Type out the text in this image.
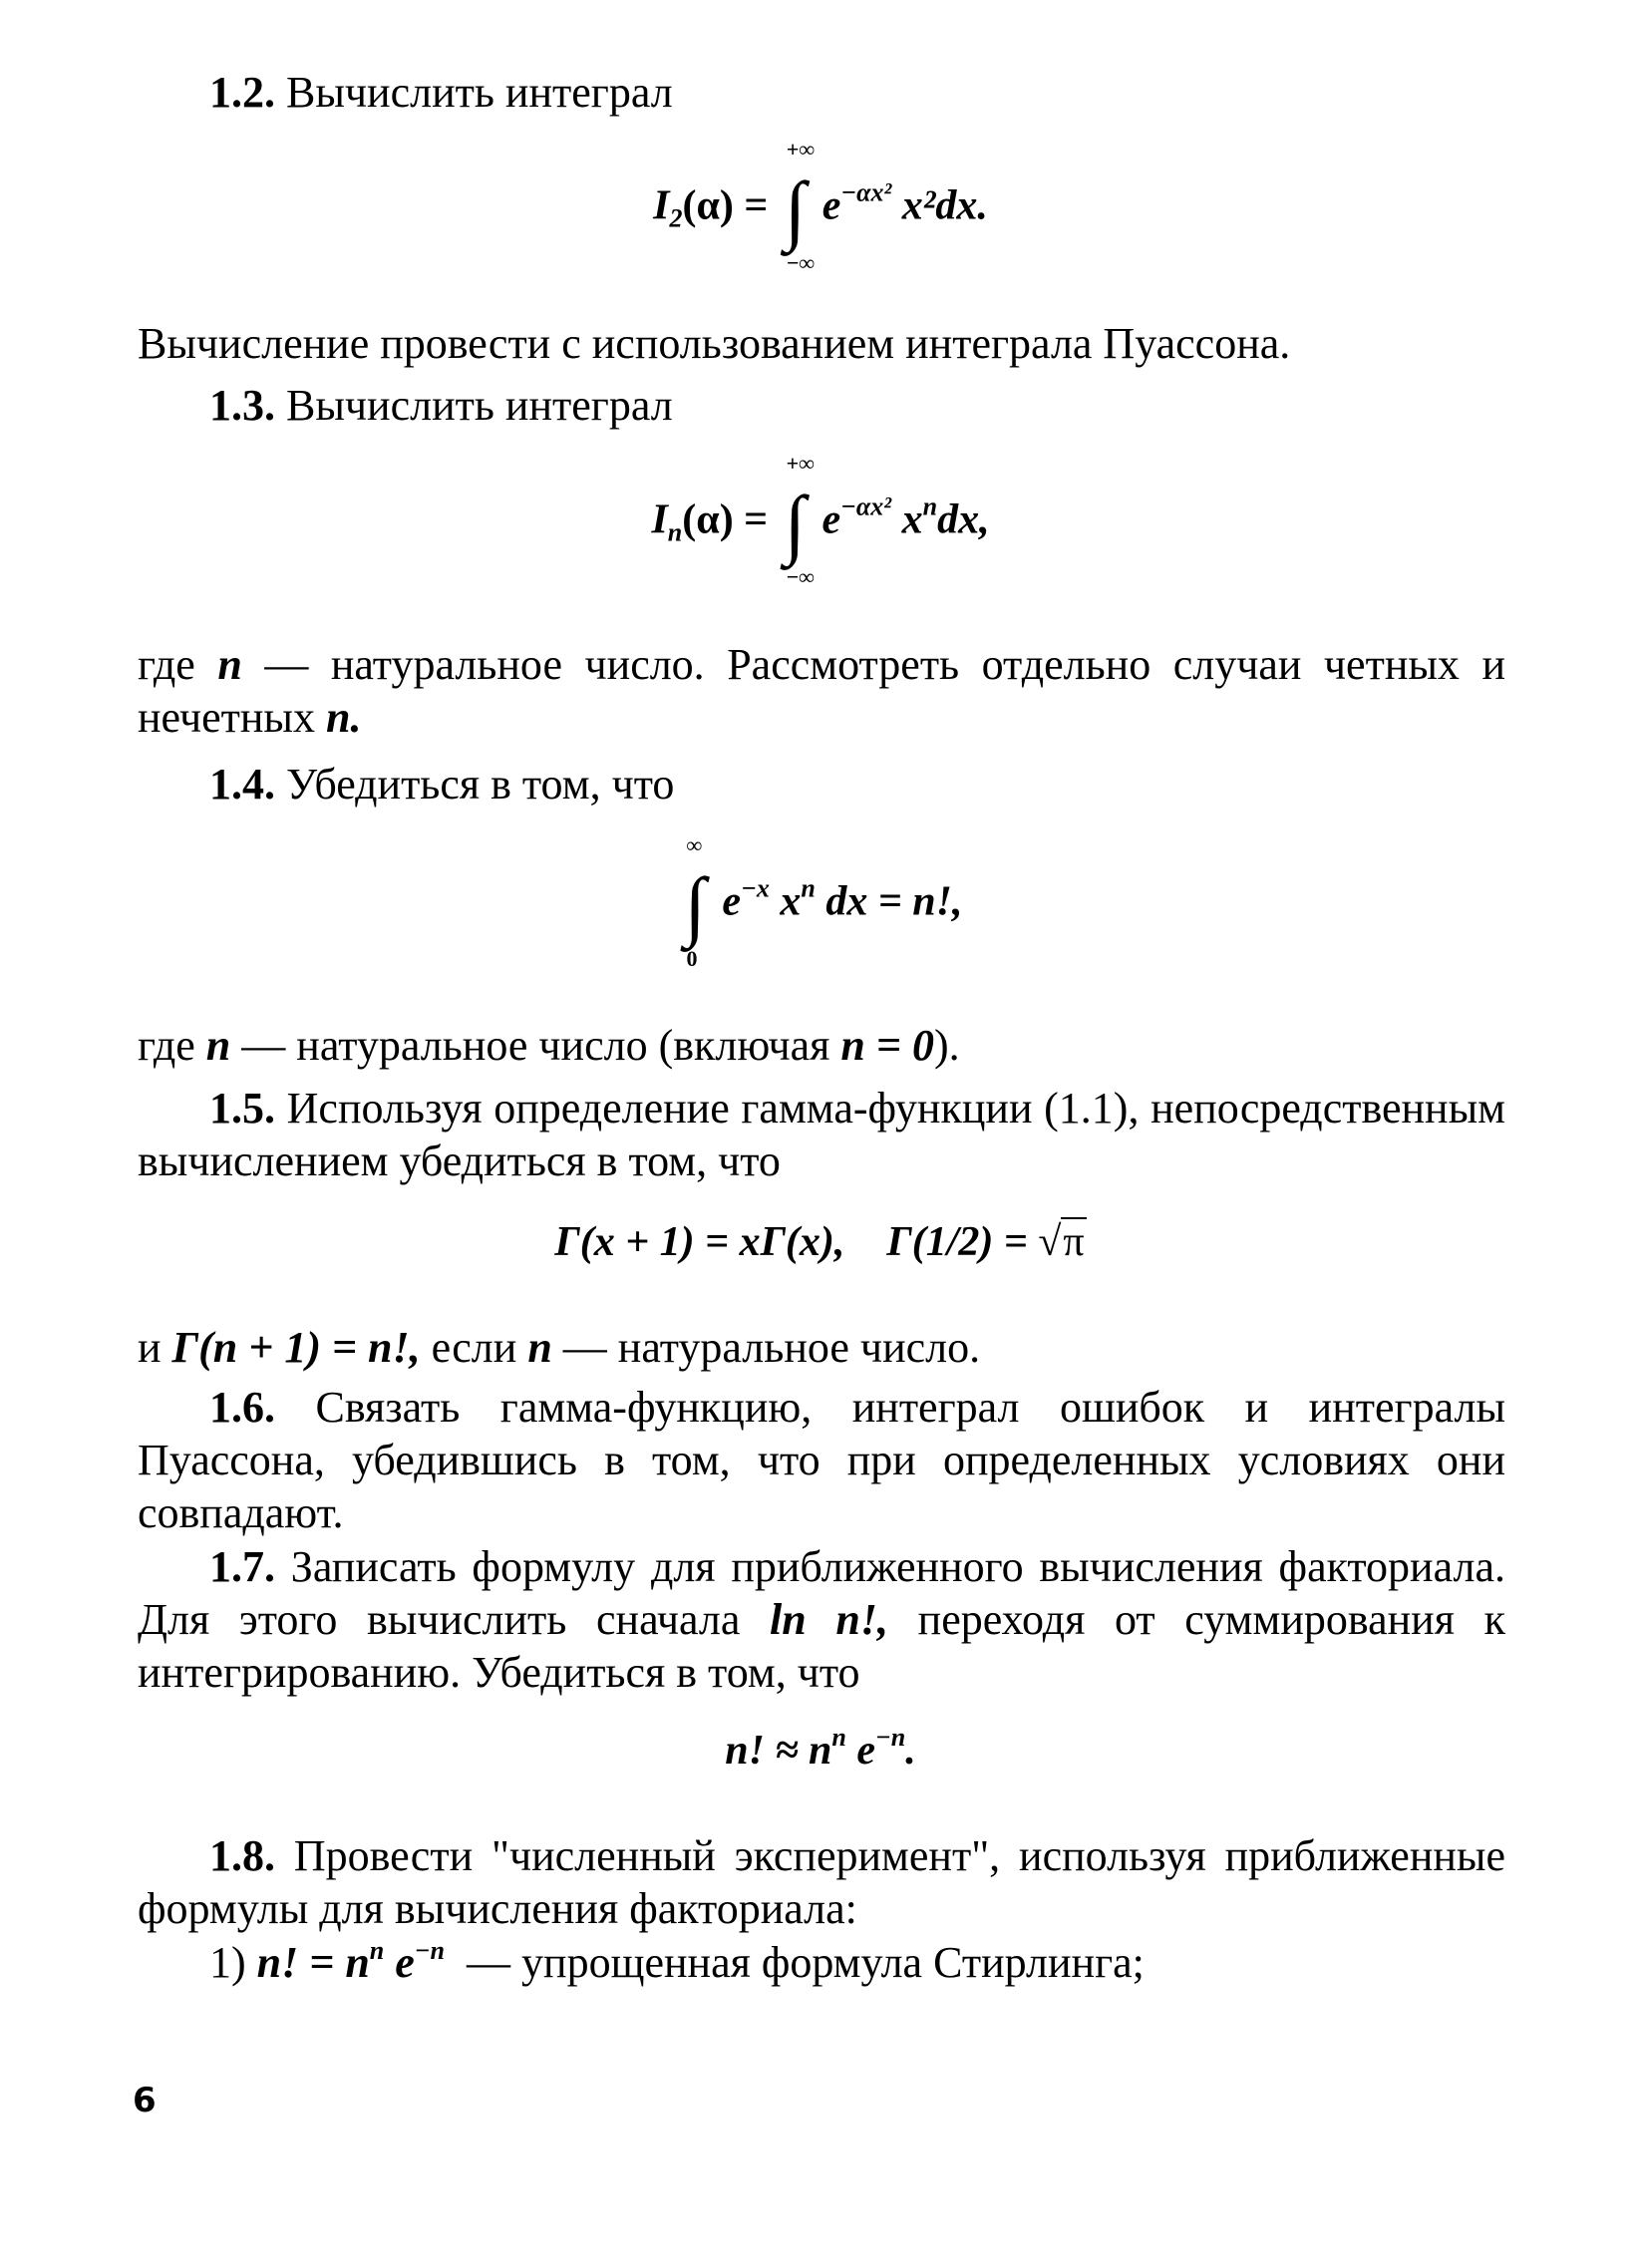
1.2. Вычислить интеграл
$I_2(\alpha)$ = ∫
+∞
−∞
$e^{-\alpha x^2}$ x²dx.
Вычисление провести с использованием интеграла Пуассона.
1.3. Вычислить интеграл
$I_n(\alpha)$ = ∫
+∞
−∞
$e^{-\alpha x^2}$ $x^ndx$,
где n — натуральное число. Рассмотреть отдельно случаи четных и нечетных n.
1.4. Убедиться в том, что
∫
∞
0
$e^{-x}$ $x^n$ dx = n!,
где n — натуральное число (включая n = 0).
1.5. Используя определение гамма-функции (1.1), непосредственным вычислением убедиться в том, что
Γ(x + 1) = xΓ(x), Γ(1/2) = √π
и Γ(n + 1) = n!, если n — натуральное число.
1.6. Связать гамма-функцию, интеграл ошибок и интегралы Пуассона, убедившись в том, что при определенных условиях они совпадают.
1.7. Записать формулу для приближенного вычисления факториала. Для этого вычислить сначала ln n!, переходя от суммирования к интегрированию. Убедиться в том, что
n! ≈ $n^n$ $e^{-n}$.
1.8. Провести "численный эксперимент", используя приближенные формулы для вычисления факториала:
1) n! = $n^n$ $e^{-n}$ — упрощенная формула Стирлинга;
6
